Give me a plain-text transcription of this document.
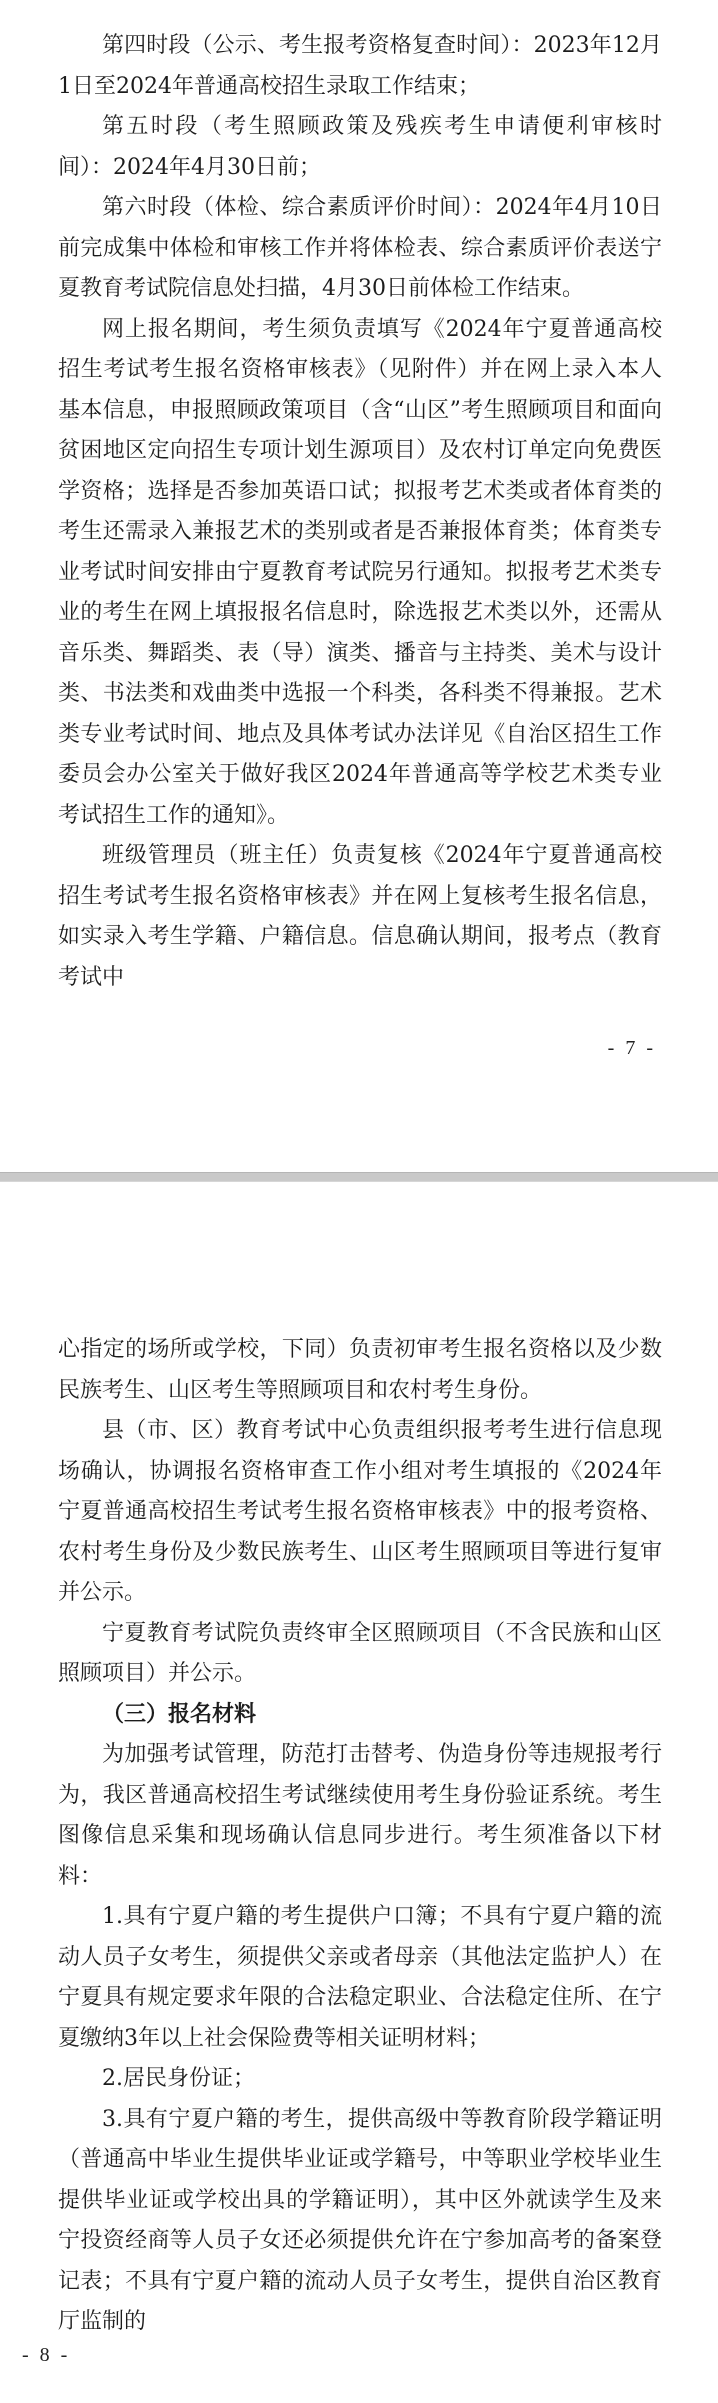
第四时段（公示、考生报考资格复查时间）：2023年12月1日至2024年普通高校招生录取工作结束；

第五时段（考生照顾政策及残疾考生申请便利审核时间）：2024年4月30日前；

第六时段（体检、综合素质评价时间）：2024年4月10日前完成集中体检和审核工作并将体检表、综合素质评价表送宁夏教育考试院信息处扫描，4月30日前体检工作结束。

网上报名期间，考生须负责填写《2024年宁夏普通高校招生考试考生报名资格审核表》（见附件）并在网上录入本人基本信息，申报照顾政策项目（含“山区”考生照顾项目和面向贫困地区定向招生专项计划生源项目）及农村订单定向免费医学资格；选择是否参加英语口试；拟报考艺术类或者体育类的考生还需录入兼报艺术的类别或者是否兼报体育类；体育类专业考试时间安排由宁夏教育考试院另行通知。拟报考艺术类专业的考生在网上填报报名信息时，除选报艺术类以外，还需从音乐类、舞蹈类、表（导）演类、播音与主持类、美术与设计类、书法类和戏曲类中选报一个科类，各科类不得兼报。艺术类专业考试时间、地点及具体考试办法详见《自治区招生工作委员会办公室关于做好我区2024年普通高等学校艺术类专业考试招生工作的通知》。

班级管理员（班主任）负责复核《2024年宁夏普通高校招生考试考生报名资格审核表》并在网上复核考生报名信息，如实录入考生学籍、户籍信息。信息确认期间，报考点（教育考试中

- 7 -

心指定的场所或学校，下同）负责初审考生报名资格以及少数民族考生、山区考生等照顾项目和农村考生身份。

县（市、区）教育考试中心负责组织报考考生进行信息现场确认，协调报名资格审查工作小组对考生填报的《2024年宁夏普通高校招生考试考生报名资格审核表》中的报考资格、农村考生身份及少数民族考生、山区考生照顾项目等进行复审并公示。

宁夏教育考试院负责终审全区照顾项目（不含民族和山区照顾项目）并公示。

（三）报名材料

为加强考试管理，防范打击替考、伪造身份等违规报考行为，我区普通高校招生考试继续使用考生身份验证系统。考生图像信息采集和现场确认信息同步进行。考生须准备以下材料：

1.具有宁夏户籍的考生提供户口簿；不具有宁夏户籍的流动人员子女考生，须提供父亲或者母亲（其他法定监护人）在宁夏具有规定要求年限的合法稳定职业、合法稳定住所、在宁夏缴纳3年以上社会保险费等相关证明材料；

2.居民身份证；

3.具有宁夏户籍的考生，提供高级中等教育阶段学籍证明（普通高中毕业生提供毕业证或学籍号，中等职业学校毕业生提供毕业证或学校出具的学籍证明），其中区外就读学生及来宁投资经商等人员子女还必须提供允许在宁参加高考的备案登记表；不具有宁夏户籍的流动人员子女考生，提供自治区教育厅监制的

- 8 -
